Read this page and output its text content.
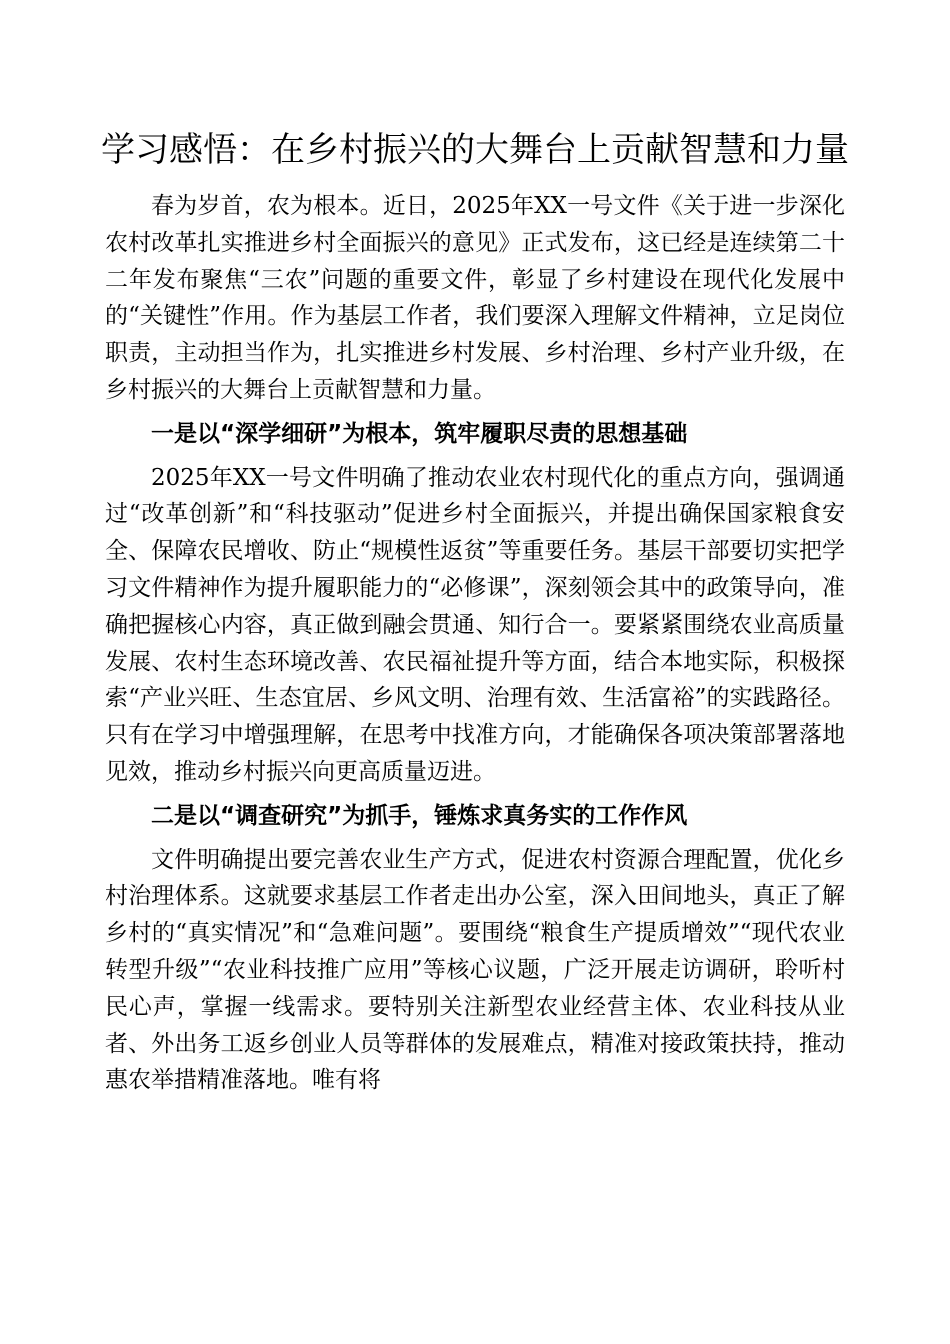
学习感悟：在乡村振兴的大舞台上贡献智慧和力量

春为岁首，农为根本。近日，2025年XX一号文件《关于进一步深化农村改革扎实推进乡村全面振兴的意见》正式发布，这已经是连续第二十二年发布聚焦“三农”问题的重要文件，彰显了乡村建设在现代化发展中的“关键性”作用。作为基层工作者，我们要深入理解文件精神，立足岗位职责，主动担当作为，扎实推进乡村发展、乡村治理、乡村产业升级，在乡村振兴的大舞台上贡献智慧和力量。

一是以“深学细研”为根本，筑牢履职尽责的思想基础

2025年XX一号文件明确了推动农业农村现代化的重点方向，强调通过“改革创新”和“科技驱动”促进乡村全面振兴，并提出确保国家粮食安全、保障农民增收、防止“规模性返贫”等重要任务。基层干部要切实把学习文件精神作为提升履职能力的“必修课”，深刻领会其中的政策导向，准确把握核心内容，真正做到融会贯通、知行合一。要紧紧围绕农业高质量发展、农村生态环境改善、农民福祉提升等方面，结合本地实际，积极探索“产业兴旺、生态宜居、乡风文明、治理有效、生活富裕”的实践路径。只有在学习中增强理解，在思考中找准方向，才能确保各项决策部署落地见效，推动乡村振兴向更高质量迈进。

二是以“调查研究”为抓手，锤炼求真务实的工作作风

文件明确提出要完善农业生产方式，促进农村资源合理配置，优化乡村治理体系。这就要求基层工作者走出办公室，深入田间地头，真正了解乡村的“真实情况”和“急难问题”。要围绕“粮食生产提质增效”“现代农业转型升级”“农业科技推广应用”等核心议题，广泛开展走访调研，聆听村民心声，掌握一线需求。要特别关注新型农业经营主体、农业科技从业者、外出务工返乡创业人员等群体的发展难点，精准对接政策扶持，推动惠农举措精准落地。唯有将
